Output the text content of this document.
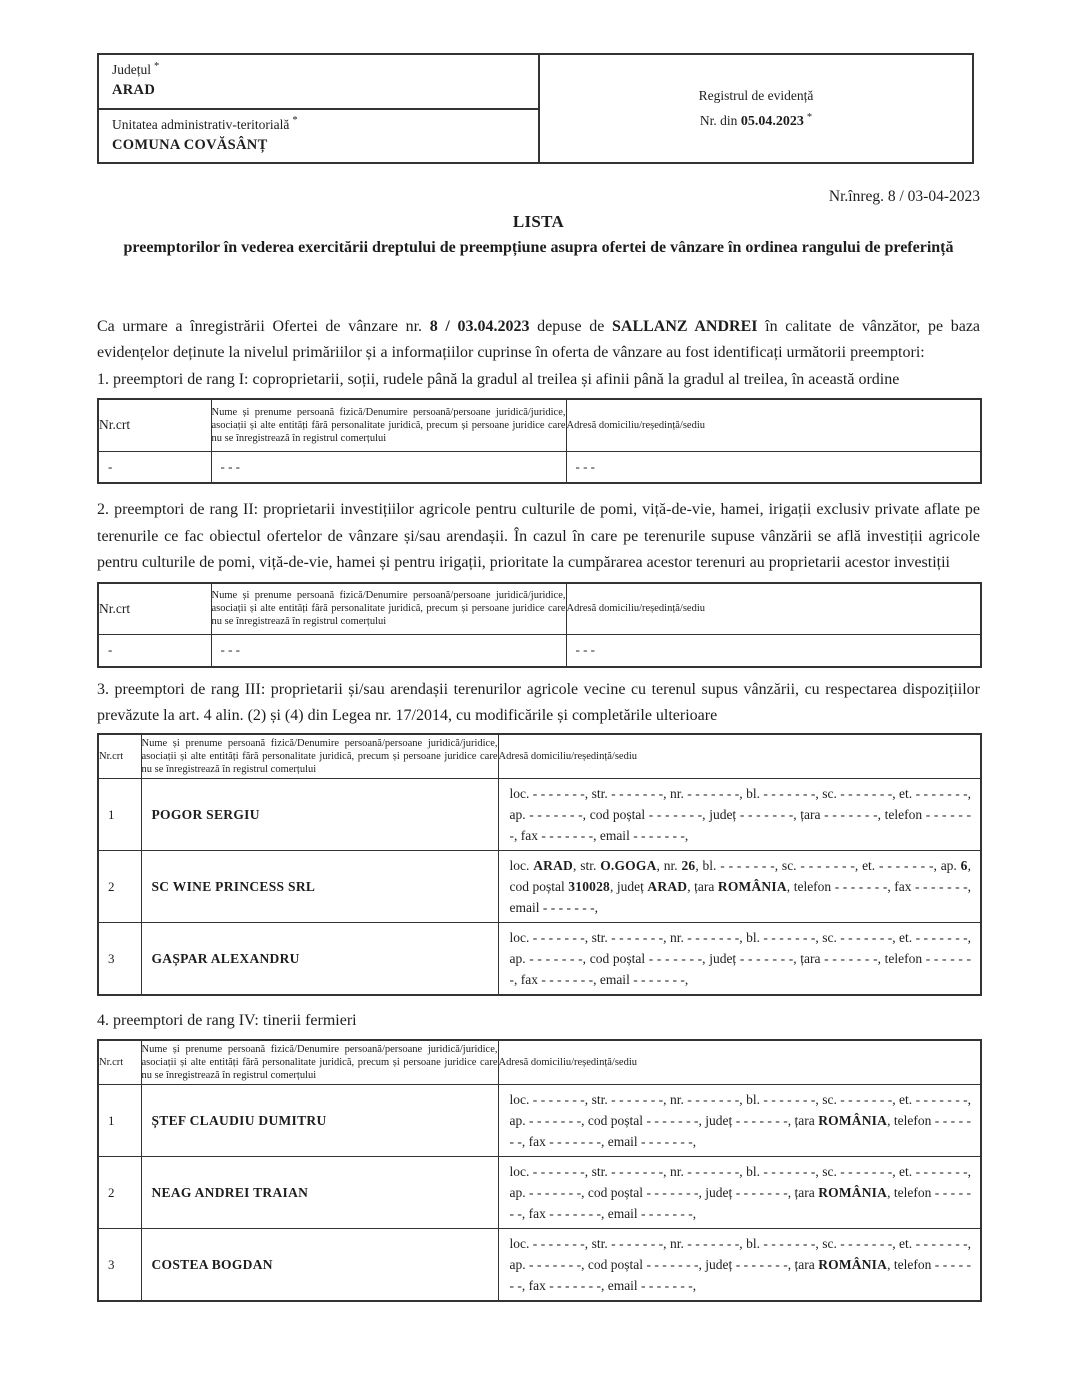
Județul *
ARAD
Unitatea administrativ-teritorială *
COMUNA COVĂSÂNȚ
Registrul de evidență
Nr. din 05.04.2023 *
Nr.înreg. 8 / 03-04-2023
LISTA
preemptorilor în vederea exercitării dreptului de preempțiune asupra ofertei de vânzare în ordinea rangului de preferință

Ca urmare a înregistrării Ofertei de vânzare nr. 8 / 03.04.2023 depuse de SALLANZ ANDREI în calitate de vânzător, pe baza evidențelor deținute la nivelul primăriilor și a informațiilor cuprinse în oferta de vânzare au fost identificați următorii preemptori:

1. preemptori de rang I: coproprietarii, soții, rudele până la gradul al treilea și afinii până la gradul al treilea, în această ordine

Nr.crt	Nume și prenume persoană fizică/Denumire persoană/persoane juridică/juridice, asociații și alte entități fără personalitate juridică, precum și persoane juridice care nu se înregistrează în registrul comerțului	Adresă domiciliu/reședință/sediu
-	- - -	- - -

2. preemptori de rang II: proprietarii investițiilor agricole pentru culturile de pomi, viță-de-vie, hamei, irigații exclusiv private aflate pe terenurile ce fac obiectul ofertelor de vânzare și/sau arendașii. În cazul în care pe terenurile supuse vânzării se află investiții agricole pentru culturile de pomi, viță-de-vie, hamei și pentru irigații, prioritate la cumpărarea acestor terenuri au proprietarii acestor investiții

Nr.crt	Nume și prenume persoană fizică/Denumire persoană/persoane juridică/juridice, asociații și alte entități fără personalitate juridică, precum și persoane juridice care nu se înregistrează în registrul comerțului	Adresă domiciliu/reședință/sediu
-	- - -	- - -

3. preemptori de rang III: proprietarii și/sau arendașii terenurilor agricole vecine cu terenul supus vânzării, cu respectarea dispozițiilor prevăzute la art. 4 alin. (2) și (4) din Legea nr. 17/2014, cu modificările și completările ulterioare

Nr.crt	Nume și prenume persoană fizică/Denumire persoană/persoane juridică/juridice, asociații și alte entități fără personalitate juridică, precum și persoane juridice care nu se înregistrează în registrul comerțului	Adresă domiciliu/reședință/sediu
1	POGOR SERGIU	loc. - - - - - - -, str. - - - - - - -, nr. - - - - - - -, bl. - - - - - - -, sc. - - - - - - -, et. - - - - - - -, ap. - - - - - - -, cod poștal - - - - - - -, județ - - - - - - -, țara - - - - - - -, telefon - - - - - - -, fax - - - - - - -, email - - - - - - -,
2	SC WINE PRINCESS SRL	loc. ARAD, str. O.GOGA, nr. 26, bl. - - - - - - -, sc. - - - - - - -, et. - - - - - - -, ap. 6, cod poștal 310028, județ ARAD, țara ROMÂNIA, telefon - - - - - - -, fax - - - - - - -, email - - - - - - -,
3	GAȘPAR ALEXANDRU	loc. - - - - - - -, str. - - - - - - -, nr. - - - - - - -, bl. - - - - - - -, sc. - - - - - - -, et. - - - - - - -, ap. - - - - - - -, cod poștal - - - - - - -, județ - - - - - - -, țara - - - - - - -, telefon - - - - - - -, fax - - - - - - -, email - - - - - - -,

4. preemptori de rang IV: tinerii fermieri

Nr.crt	Nume și prenume persoană fizică/Denumire persoană/persoane juridică/juridice, asociații și alte entități fără personalitate juridică, precum și persoane juridice care nu se înregistrează în registrul comerțului	Adresă domiciliu/reședință/sediu
1	ȘTEF CLAUDIU DUMITRU	loc. - - - - - - -, str. - - - - - - -, nr. - - - - - - -, bl. - - - - - - -, sc. - - - - - - -, et. - - - - - - -, ap. - - - - - - -, cod poștal - - - - - - -, județ - - - - - - -, țara ROMÂNIA, telefon - - - - - - -, fax - - - - - - -, email - - - - - - -,
2	NEAG ANDREI TRAIAN	loc. - - - - - - -, str. - - - - - - -, nr. - - - - - - -, bl. - - - - - - -, sc. - - - - - - -, et. - - - - - - -, ap. - - - - - - -, cod poștal - - - - - - -, județ - - - - - - -, țara ROMÂNIA, telefon - - - - - - -, fax - - - - - - -, email - - - - - - -,
3	COSTEA BOGDAN	loc. - - - - - - -, str. - - - - - - -, nr. - - - - - - -, bl. - - - - - - -, sc. - - - - - - -, et. - - - - - - -, ap. - - - - - - -, cod poștal - - - - - - -, județ - - - - - - -, țara ROMÂNIA, telefon - - - - - - -, fax - - - - - - -, email - - - - - - -,
